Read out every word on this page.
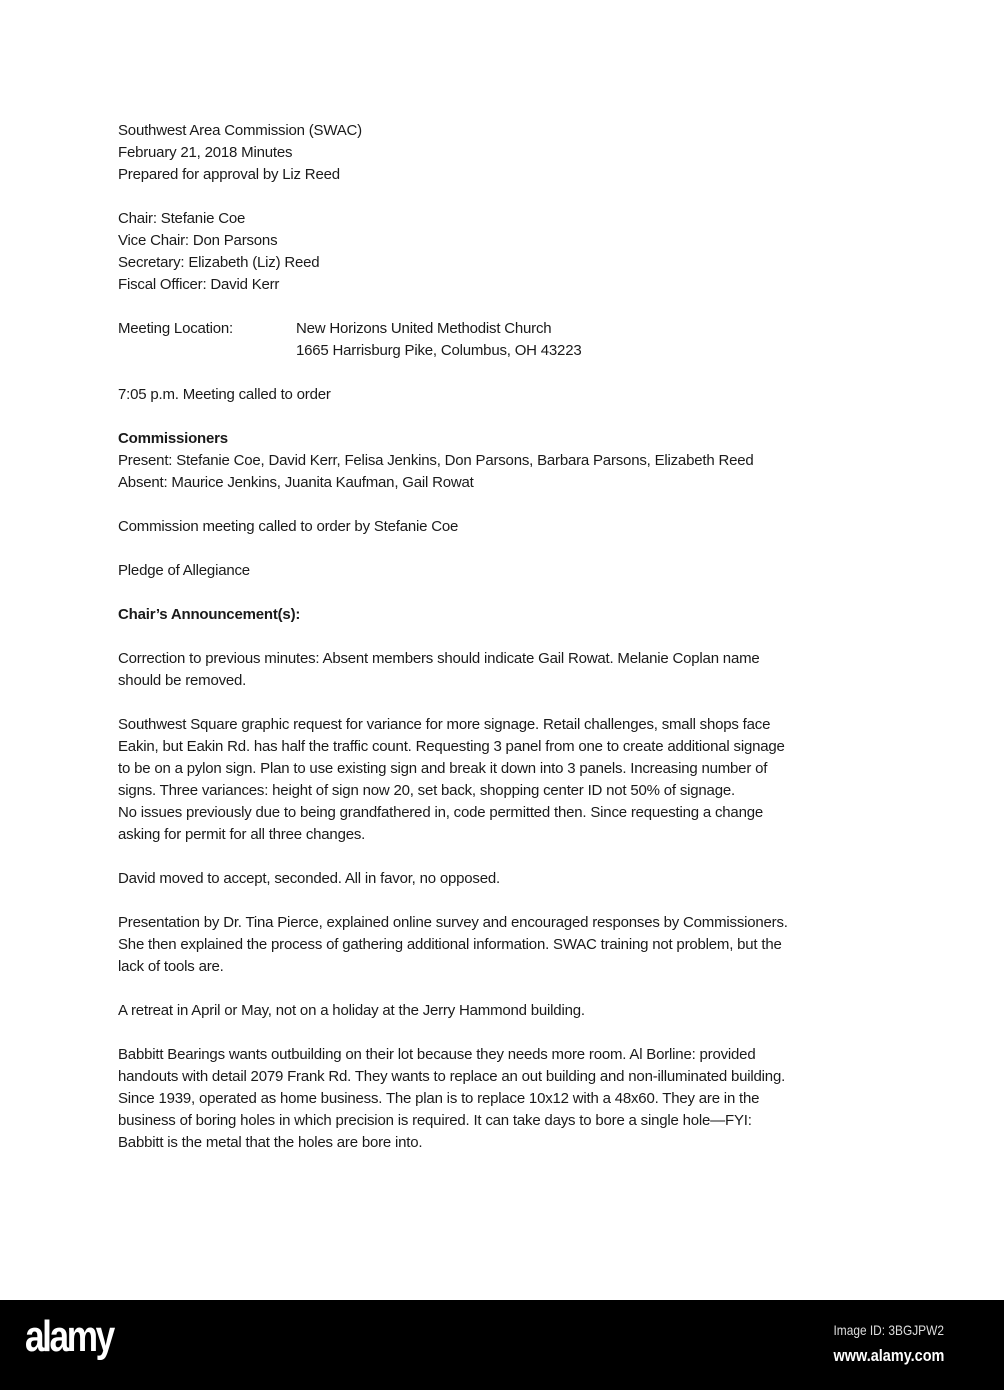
Southwest Area Commission (SWAC)
February 21, 2018 Minutes
Prepared for approval by Liz Reed
Chair: Stefanie Coe
Vice Chair: Don Parsons
Secretary: Elizabeth (Liz) Reed
Fiscal Officer: David Kerr
Meeting Location:	New Horizons United Methodist Church
1665 Harrisburg Pike, Columbus, OH 43223
7:05 p.m. Meeting called to order
Commissioners
Present: Stefanie Coe, David Kerr, Felisa Jenkins, Don Parsons, Barbara Parsons, Elizabeth Reed
Absent: Maurice Jenkins, Juanita Kaufman, Gail Rowat
Commission meeting called to order by Stefanie Coe
Pledge of Allegiance
Chair’s Announcement(s):
Correction to previous minutes: Absent members should indicate Gail Rowat. Melanie Coplan name
should be removed.
Southwest Square graphic request for variance for more signage. Retail challenges, small shops face
Eakin, but Eakin Rd. has half the traffic count. Requesting 3 panel from one to create additional signage
to be on a pylon sign. Plan to use existing sign and break it down into 3 panels. Increasing number of
signs. Three variances: height of sign now 20, set back, shopping center ID not 50% of signage.
No issues previously due to being grandfathered in, code permitted then. Since requesting a change
asking for permit for all three changes.
David moved to accept, seconded. All in favor, no opposed.
Presentation by Dr. Tina Pierce, explained online survey and encouraged responses by Commissioners.
She then explained the process of gathering additional information. SWAC training not problem, but the
lack of tools are.
A retreat in April or May, not on a holiday at the Jerry Hammond building.
Babbitt Bearings wants outbuilding on their lot because they needs more room. Al Borline: provided
handouts with detail 2079 Frank Rd. They wants to replace an out building and non-illuminated building.
Since 1939, operated as home business. The plan is to replace 10x12 with a 48x60. They are in the
business of boring holes in which precision is required. It can take days to bore a single hole—FYI:
Babbitt is the metal that the holes are bore into.
alamy	Image ID: 3BGJPW2
www.alamy.com
